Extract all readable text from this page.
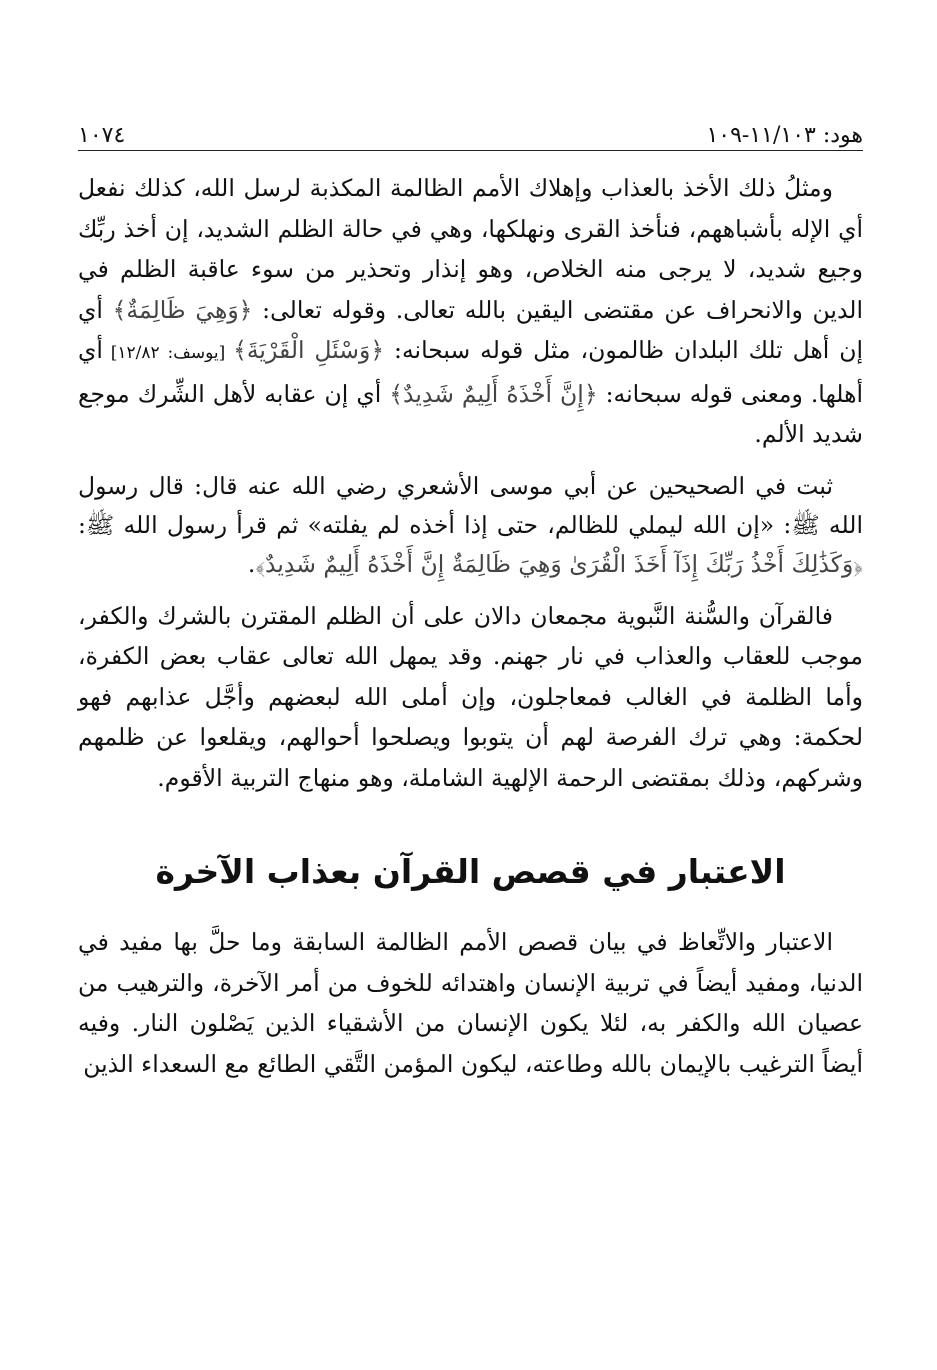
هود: ١١/١٠٣-١٠٩
١٠٧٤

ومثلُ ذلك الأخذ بالعذاب وإهلاك الأمم الظالمة المكذبة لرسل الله، كذلك نفعل أي الإله بأشباههم، فنأخذ القرى ونهلكها، وهي في حالة الظلم الشديد، إن أخذ ربِّك وجيع شديد، لا يرجى منه الخلاص، وهو إنذار وتحذير من سوء عاقبة الظلم في الدين والانحراف عن مقتضى اليقين بالله تعالى. وقوله تعالى: ﴿وَهِيَ ظَالِمَةٌ﴾ أي إن أهل تلك البلدان ظالمون، مثل قوله سبحانه: ﴿وَسْئَلِ الْقَرْيَةَ﴾ [يوسف: ١٢/٨٢] أي أهلها. ومعنى قوله سبحانه: ﴿إِنَّ أَخْذَهُ أَلِيمٌ شَدِيدٌ﴾ أي إن عقابه لأهل الشِّرك موجع شديد الألم.

ثبت في الصحيحين عن أبي موسى الأشعري رضي الله عنه قال: قال رسول الله ﷺ: «إن الله ليملي للظالم، حتى إذا أخذه لم يفلته» ثم قرأ رسول الله ﷺ: ﴿وَكَذَٰلِكَ أَخْذُ رَبِّكَ إِذَآ أَخَذَ الْقُرَىٰ وَهِيَ ظَالِمَةٌ إِنَّ أَخْذَهُ أَلِيمٌ شَدِيدٌ﴾.

فالقرآن والسُّنة النَّبوية مجمعان دالان على أن الظلم المقترن بالشرك والكفر، موجب للعقاب والعذاب في نار جهنم. وقد يمهل الله تعالى عقاب بعض الكفرة، وأما الظلمة في الغالب فمعاجلون، وإن أملى الله لبعضهم وأجَّل عذابهم فهو لحكمة: وهي ترك الفرصة لهم أن يتوبوا ويصلحوا أحوالهم، ويقلعوا عن ظلمهم وشركهم، وذلك بمقتضى الرحمة الإلهية الشاملة، وهو منهاج التربية الأقوم.

الاعتبار في قصص القرآن بعذاب الآخرة

الاعتبار والاتِّعاظ في بيان قصص الأمم الظالمة السابقة وما حلَّ بها مفيد في الدنيا، ومفيد أيضاً في تربية الإنسان واهتدائه للخوف من أمر الآخرة، والترهيب من عصيان الله والكفر به، لئلا يكون الإنسان من الأشقياء الذين يَصْلون النار. وفيه أيضاً الترغيب بالإيمان بالله وطاعته، ليكون المؤمن التَّقي الطائع مع السعداء الذين
